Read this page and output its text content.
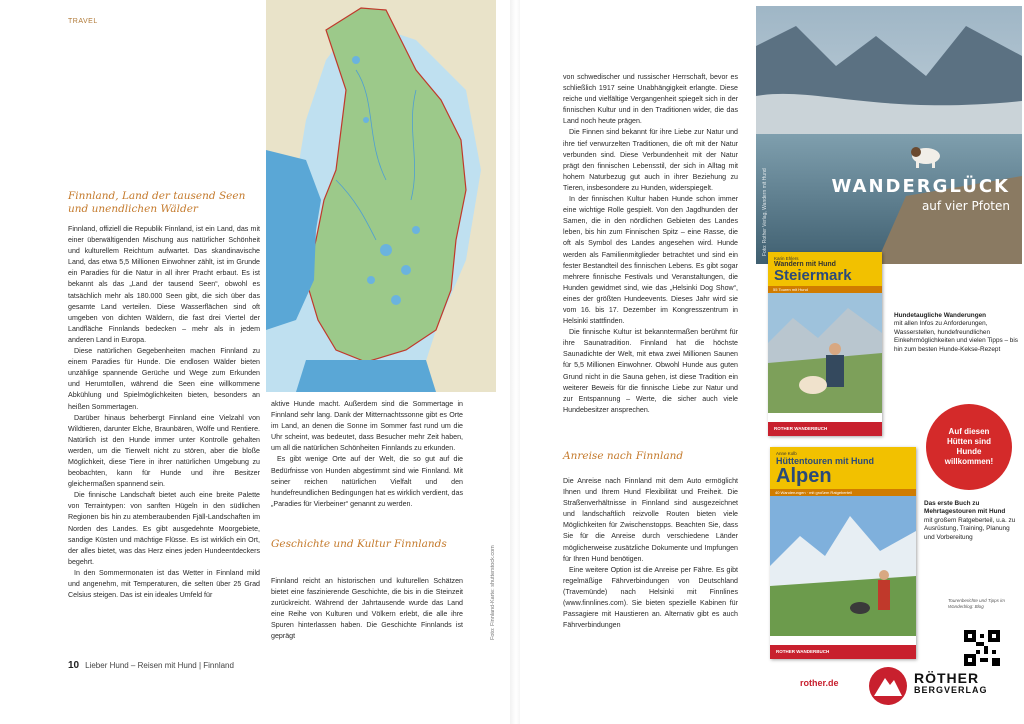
TRAVEL
Finnland, Land der tausend Seen und unendlichen Wälder

Finnland, offiziell die Republik Finnland, ist ein Land, das mit einer überwältigenden Mischung aus natürlicher Schönheit und kulturellem Reichtum aufwartet. Das skandinavische Land, das etwa 5,5 Millionen Einwohner zählt, ist im Grunde ein Paradies für die Natur in all ihrer Pracht erbaut. Es ist bekannt als das „Land der tausend Seen“, obwohl es tatsächlich mehr als 180.000 Seen gibt, die sich über das gesamte Land verteilen. Diese Wasserflächen sind oft umgeben von dichten Wäldern, die fast drei Viertel der Landfläche Finnlands bedecken – mehr als in jedem anderen Land in Europa.

Diese natürlichen Gegebenheiten machen Finnland zu einem Paradies für Hunde. Die endlosen Wälder bieten unzählige spannende Gerüche und Wege zum Erkunden und Herumtollen, während die Seen eine willkommene Abkühlung und Spielmöglichkeiten bieten, besonders an heißen Sommertagen.

Darüber hinaus beherbergt Finnland eine Vielzahl von Wildtieren, darunter Elche, Braunbären, Wölfe und Rentiere. Natürlich ist den Hunde immer unter Kontrolle gehalten werden, um die Tierwelt nicht zu stören, aber die bloße Möglichkeit, diese Tiere in ihrer natürlichen Umgebung zu beobachten, kann für Hunde und ihre Besitzer gleichermaßen spannend sein.

Die finnische Landschaft bietet auch eine breite Palette von Terraintypen: von sanften Hügeln in den südlichen Regionen bis hin zu atemberaubenden Fjäll-Landschaften im Norden des Landes. Es gibt ausgedehnte Moorgebiete, sandige Küsten und mächtige Flüsse. Es ist wirklich ein Ort, der alles bietet, was das Herz eines jeden Hundeentdeckers begehrt.

In den Sommermonaten ist das Wetter in Finnland mild und angenehm, mit Temperaturen, die selten über 25 Grad Celsius steigen. Das ist ein ideales Umfeld für

aktive Hunde macht. Außerdem sind die Sommertage in Finnland sehr lang. Dank der Mitternachtssonne gibt es Orte im Land, an denen die Sonne im Sommer fast rund um die Uhr scheint, was bedeutet, dass Besucher mehr Zeit haben, um all die natürlichen Schönheiten Finnlands zu erkunden.

Es gibt wenige Orte auf der Welt, die so gut auf die Bedürfnisse von Hunden abgestimmt sind wie Finnland. Mit seiner reichen natürlichen Vielfalt und den hundefreundlichen Bedingungen hat es wirklich verdient, das „Paradies für Vierbeiner“ genannt zu werden.

Geschichte und Kultur Finnlands

Finnland reicht an historischen und kulturellen Schätzen bietet eine faszinierende Geschichte, die bis in die Steinzeit zurückreicht. Während der Jahrtausende wurde das Land eine Reihe von Kulturen und Völkern erlebt, die alle ihre Spuren hinterlassen haben. Die Geschichte Finnlands ist geprägt	Foto: Finnland-Karte: shutterstock.com
10 Lieber Hund – Reisen mit Hund | Finnland

von schwedischer und russischer Herrschaft, bevor es schließlich 1917 seine Unabhängigkeit erlangte. Diese reiche und vielfältige Vergangenheit spiegelt sich in der finnischen Kultur und in den Traditionen wider, die das Land noch heute prägen.

Die Finnen sind bekannt für ihre Liebe zur Natur und ihre tief verwurzelten Traditionen, die oft mit der Natur verbunden sind. Diese Verbundenheit mit der Natur prägt den finnischen Lebensstil, der sich in Alltag mit hohem Naturbezug gut auch in ihrer Beziehung zu Tieren, insbesondere zu Hunden, widerspiegelt.

In der finnischen Kultur haben Hunde schon immer eine wichtige Rolle gespielt. Von den Jagdhunden der Samen, die in den nördlichen Gebieten des Landes leben, bis hin zum Finnischen Spitz – eine Rasse, die oft als Symbol des Landes angesehen wird. Hunde werden als Familienmitglieder betrachtet und sind ein fester Bestandteil des finnischen Lebens. Es gibt sogar mehrere finnische Festivals und Veranstaltungen, die Hunden gewidmet sind, wie das „Helsinki Dog Show“, eines der größten Hundeevents. Dieses Jahr wird sie vom 16. bis 17. Dezember im Kongresszentrum in Helsinki stattfinden.

Die finnische Kultur ist bekanntermaßen berühmt für ihre Saunatradition. Finnland hat die höchste Saunadichte der Welt, mit etwa zwei Millionen Saunen für 5,5 Millionen Einwohner. Obwohl Hunde aus guten Grund nicht in die Sauna gehen, ist diese Tradition ein weiterer Beweis für die finnische Liebe zur Natur und zur Entspannung – Werte, die sicher auch viele Hundebesitzer ansprechen.

Anreise nach Finnland

Die Anreise nach Finnland mit dem Auto ermöglicht Ihnen und Ihrem Hund Flexibilität und Freiheit. Die Straßenverhältnisse in Finnland sind ausgezeichnet und landschaftlich reizvolle Routen bieten viele Möglichkeiten für Zwischenstopps. Beachten Sie, dass Sie für die Anreise durch verschiedene Länder möglicherweise zusätzliche Dokumente und Impfungen für Ihren Hund benötigen.

Eine weitere Option ist die Anreise per Fähre. Es gibt regelmäßige Fährverbindungen von Deutschland (Travemünde) nach Helsinki mit Finnlines (www.finnlines.com). Sie bieten spezielle Kabinen für Passagiere mit Haustieren an. Alternativ gibt es auch Fährverbindungen

WANDERGLÜCK
auf vier Pfoten
Foto: Rother Verlag, Wandern mit Hund
Karin Ehlers
Wandern mit Hund
Steiermark
55 Touren mit Hund
ROTHER WANDERBUCH
Hundetaugliche Wanderungen
mit allen Infos zu Anforderungen, Wasserstellen, hundefreundlichen Einkehrmöglichkeiten und vielen Tipps – bis hin zum besten Hunde-Kekse-Rezept
Auf diesen Hütten sind Hunde willkommen!
Anne Kolb
Hüttentouren mit Hund
Alpen
40 Wanderungen · mit großem Ratgeberteil
ROTHER WANDERBUCH
Das erste Buch zu Mehrtagestouren mit Hund
mit großem Ratgeberteil, u.a. zu Ausrüstung, Training, Planung und Vorbereitung
Tourenberichte und Tipps im Wanderblog: Blog
rother.de	RÖTHER
BERGVERLAG
